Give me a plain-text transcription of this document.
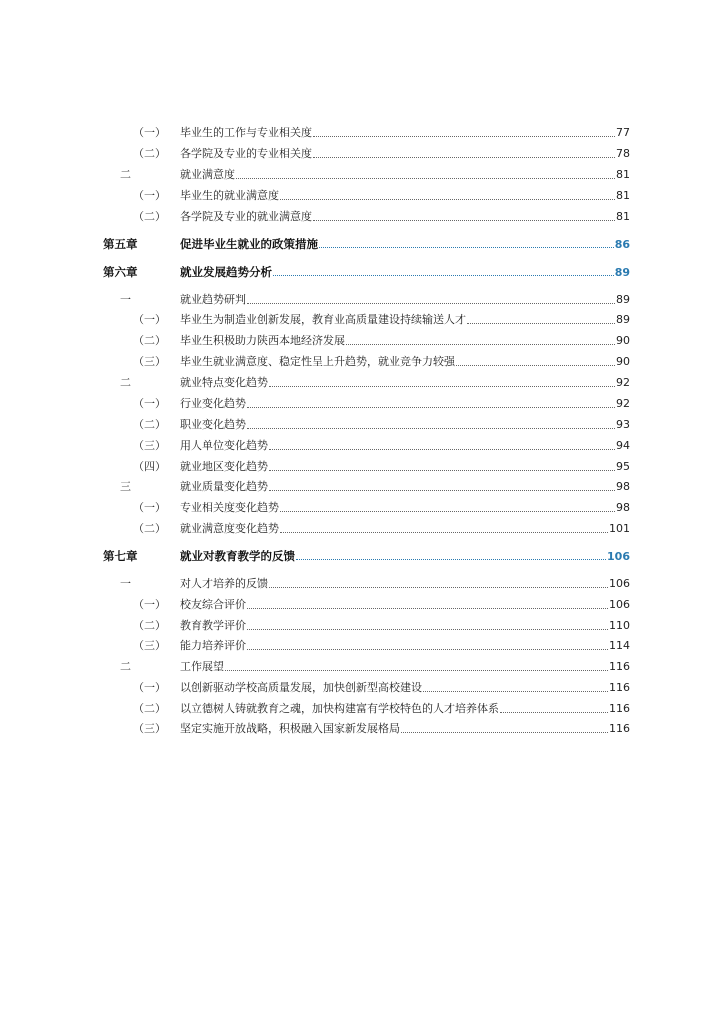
（一） 毕业生的工作与专业相关度	77
（二） 各学院及专业的专业相关度	78
二	就业满意度	81
（一） 毕业生的就业满意度	81
（二） 各学院及专业的就业满意度	81
第五章	促进毕业生就业的政策措施	86
第六章	就业发展趋势分析	89
一	就业趋势研判	89
（一） 毕业生为制造业创新发展，教育业高质量建设持续输送人才	89
（二） 毕业生积极助力陕西本地经济发展	90
（三） 毕业生就业满意度、稳定性呈上升趋势，就业竞争力较强	90
二	就业特点变化趋势	92
（一） 行业变化趋势	92
（二） 职业变化趋势	93
（三） 用人单位变化趋势	94
（四） 就业地区变化趋势	95
三	就业质量变化趋势	98
（一） 专业相关度变化趋势	98
（二） 就业满意度变化趋势	101
第七章	就业对教育教学的反馈	106
一	对人才培养的反馈	106
（一） 校友综合评价	106
（二） 教育教学评价	110
（三） 能力培养评价	114
二	工作展望	116
（一） 以创新驱动学校高质量发展，加快创新型高校建设	116
（二） 以立德树人铸就教育之魂，加快构建富有学校特色的人才培养体系	116
（三） 坚定实施开放战略，积极融入国家新发展格局	116
